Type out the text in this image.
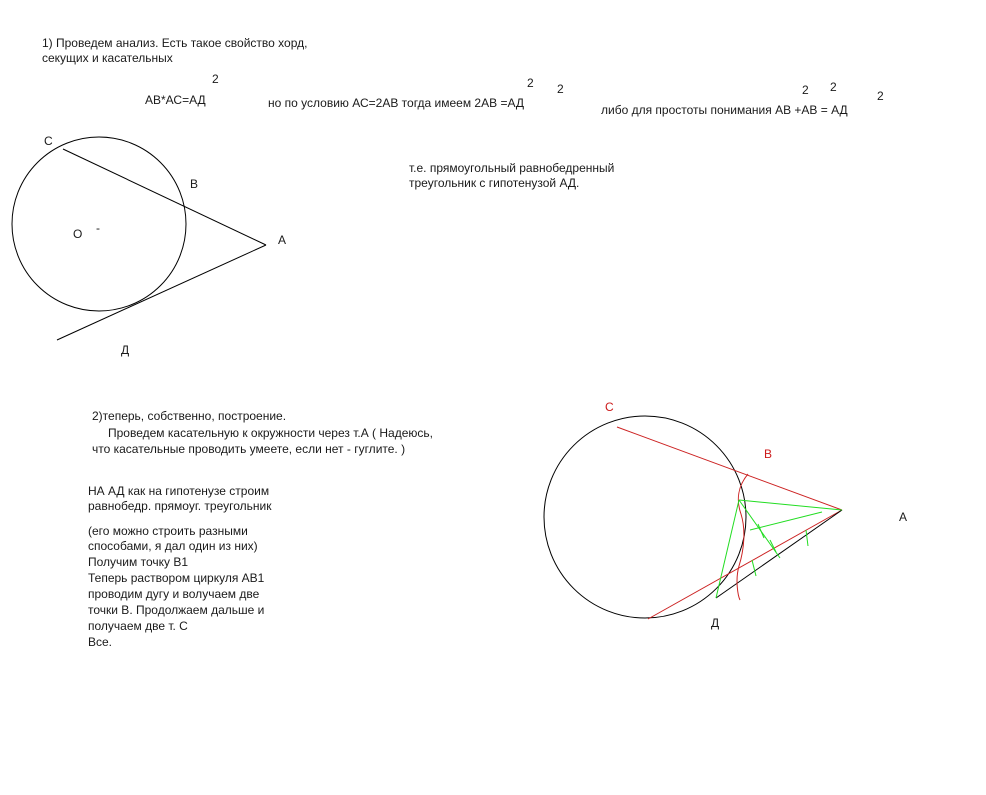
1) Проведем анализ. Есть такое свойство хорд,
секущих и касательных
АВ*АС=АД
2
но по условию АС=2АВ тогда имеем 2АВ =АД
2 2
либо для простоты понимания АВ +АВ = АД
2 2
2
т.е. прямоугольный равнобедренный
треугольник с гипотенузой АД.
С
В
О -
А
Д
2)теперь, собственно, построение.
Проведем касательную к окружности через т.А ( Надеюсь,
что касательные проводить умеете, если нет - гуглите. )
НА АД как на гипотенузе строим
равнобедр. прямоуг. треугольник
(его можно строить разными
способами, я дал один из них)
Получим точку В1
Теперь раствором циркуля АВ1
проводим дугу и волучаем две
точки В. Продолжаем дальше и
получаем две т. С
Все.
С
В
А
Д
